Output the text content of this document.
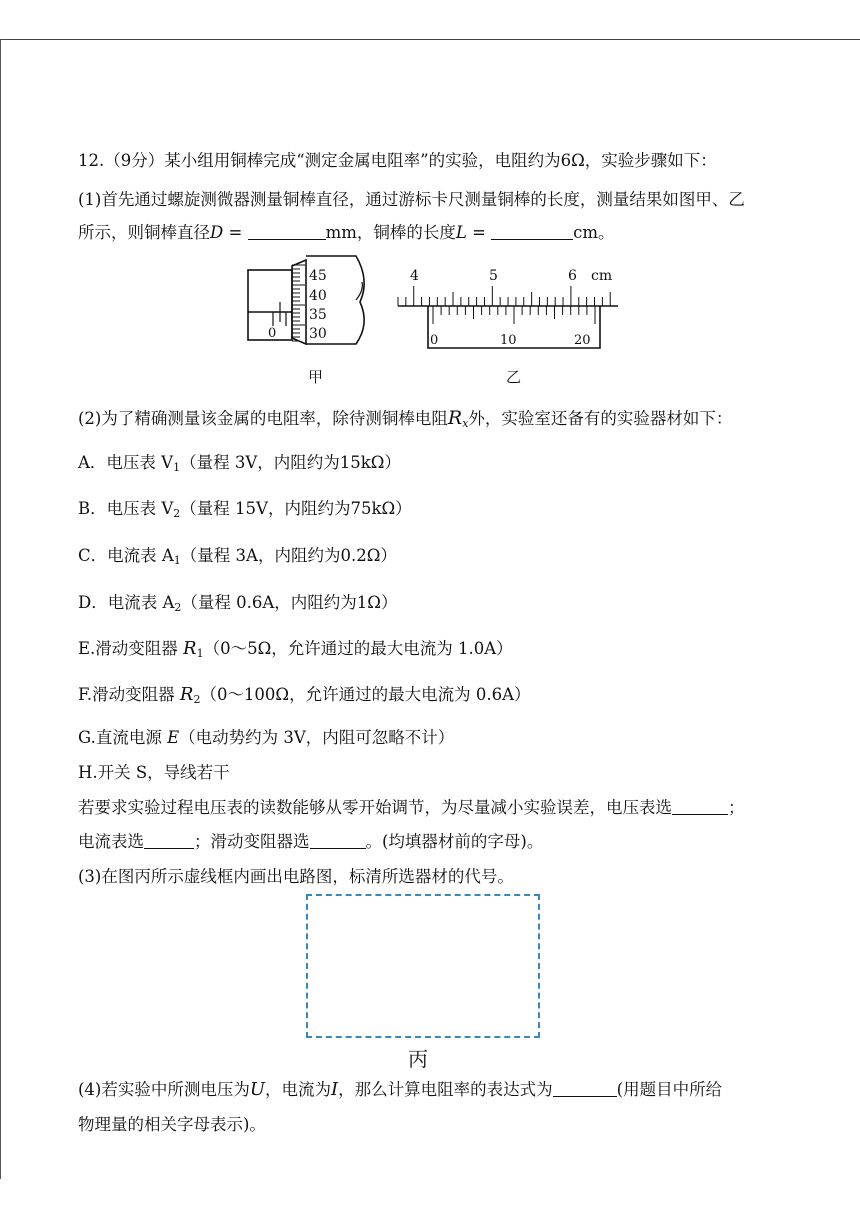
12.（9分）某小组用铜棒完成“测定金属电阻率”的实验，电阻约为6Ω，实验步骤如下：
(1)首先通过螺旋测微器测量铜棒直径，通过游标卡尺测量铜棒的长度，测量结果如图甲、乙
所示，则铜棒直径D =	mm，铜棒的长度L =	cm。
45
40
35
30
0
甲
4	5	6 cm
0	10	20
乙
(2)为了精确测量该金属的电阻率，除待测铜棒电阻$R_x$外，实验室还备有的实验器材如下：
A．电压表 $V_1$（量程 3V，内阻约为15kΩ）
B．电压表 $V_2$（量程 15V，内阻约为75kΩ）
C．电流表 $A_1$（量程 3A，内阻约为0.2Ω）
D．电流表 $A_2$（量程 0.6A，内阻约为1Ω）
E.滑动变阻器 $R_1(0\sim 5\Omega$，允许通过的最大电流为 1.0A）
F.滑动变阻器 $R_2(0\sim 100\Omega$，允许通过的最大电流为 0.6A）
G.直流电源 E（电动势约为 3V，内阻可忽略不计）
H.开关 S，导线若干
若要求实验过程电压表的读数能够从零开始调节，为尽量减小实验误差，电压表选	；
电流表选	；滑动变阻器选	。(均填器材前的字母)。
(3)在图丙所示虚线框内画出电路图，标清所选器材的代号。
丙
(4)若实验中所测电压为U，电流为I，那么计算电阻率的表达式为	(用题目中所给
物理量的相关字母表示)。
